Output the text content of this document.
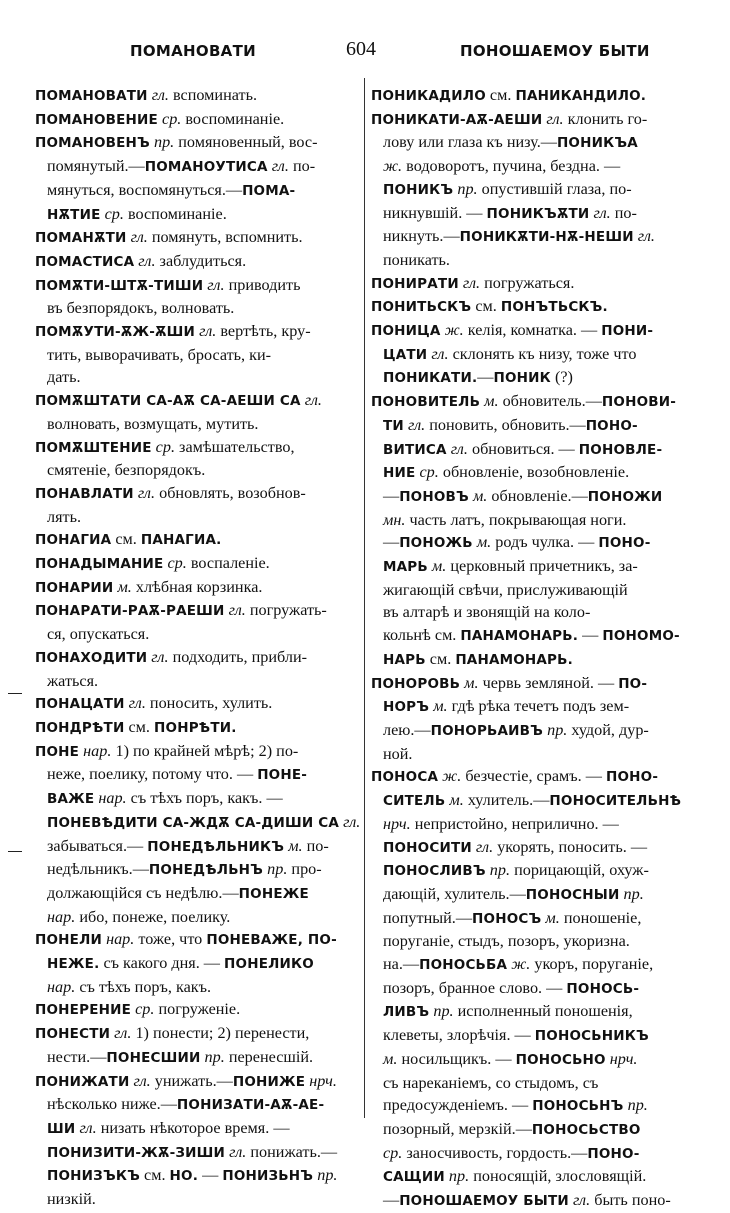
ПОМАНОВАТИ	604	ПОНОШАЕМОУ БЫТИ
ПОМАНОВАТИ гл. вспоминать.
ПОМАНОВЕНИЕ ср. воспоминаніе.
ПОМАНОВЕНЪ пр. помяновенный, вос-
помянутый.—ПОМАНОУТИСА гл. по-
мянуться, воспомянуться.—ПОМА-
НѪТИЕ ср. воспоминаніе.
ПОМАНѪТИ гл. помянуть, вспомнить.
ПОМАСТИСА гл. заблудиться.
ПОМѪТИ-ШТѪ-ТИШИ гл. приводить
въ безпорядокъ, волновать.
ПОМѪУТИ-ѪЖ-ѪШИ гл. вертѣть, кру-
тить, выворачивать, бросать, ки-
дать.
ПОМѪШТАТИ СА-АѪ СА-АЕШИ СА гл.
волновать, возмущать, мутить.
ПОМѪШТЕНИЕ ср. замѣшательство,
смятеніе, безпорядокъ.
ПОНАВЛАТИ гл. обновлять, возобнов-
лять.
ПОНАГИА см. ПАНАГИА.
ПОНАДЫМАНИЕ ср. воспаленіе.
ПОНАРИИ м. хлѣбная корзинка.
ПОНАРАТИ-РАѪ-РАЕШИ гл. погружать-
ся, опускаться.
ПОНАХОДИТИ гл. подходить, прибли-
жаться.
ПОНАЦАТИ гл. поносить, хулить.
ПОНДРѢТИ см. ПОНРѢТИ.
ПОНЕ нар. 1) по крайней мѣрѣ; 2) по-
неже, поелику, потому что. — ПОНЕ-
ВАЖЕ нар. съ тѣхъ поръ, какъ. —
ПОНЕВѢДИТИ СА-ЖДѪ СА-ДИШИ СА гл.
забываться.— ПОНЕДѢЛЬНИКЪ м. по-
недѣльникъ.—ПОНЕДѢЛЬНЪ пр. про-
должающійся съ недѣлю.—ПОНЕЖЕ
нар. ибо, понеже, поелику.
ПОНЕЛИ нар. тоже, что ПОНЕВАЖЕ, ПО-
НЕЖЕ. съ какого дня. — ПОНЕЛИКО
нар. съ тѣхъ поръ, какъ.
ПОНЕРЕНИЕ ср. погруженіе.
ПОНЕСТИ гл. 1) понести; 2) перенести,
нести.—ПОНЕСШИИ пр. перенесшій.
ПОНИЖАТИ гл. унижать.—ПОНИЖЕ нрч.
нѣсколько ниже.—ПОНИЗАТИ-АѪ-АЕ-
ШИ гл. низать нѣкоторое время. —
ПОНИЗИТИ-ЖѪ-ЗИШИ гл. понижать.—
ПОНИЗЪКЪ см. НО. — ПОНИЗЬНЪ пр.
низкій.
ПОНИКАДИЛО см. ПАНИКАНДИЛО.
ПОНИКАТИ-АѪ-АЕШИ гл. клонить го-
лову или глаза къ низу.—ПОНИКЪА
ж. водоворотъ, пучина, бездна. —
ПОНИКЪ пр. опустившій глаза, по-
никнувшій. — ПОНИКЪѪТИ гл. по-
никнуть.—ПОНИКѪТИ-НѪ-НЕШИ гл.
поникать.
ПОНИРАТИ гл. погружаться.
ПОНИТЬСКЪ см. ПОНЪТЬСКЪ.
ПОНИЦА ж. келія, комнатка. — ПОНИ-
ЦАТИ гл. склонять къ низу, тоже что
ПОНИКАТИ.—ПОНИК (?)
ПОНОВИТЕЛЬ м. обновитель.—ПОНОВИ-
ТИ гл. поновить, обновить.—ПОНО-
ВИТИСА гл. обновиться. — ПОНОВЛЕ-
НИЕ ср. обновленіе, возобновленіе.
—ПОНОВЪ м. обновленіе.—ПОНОЖИ
мн. часть латъ, покрывающая ноги.
—ПОНОЖЬ м. родъ чулка. — ПОНО-
МАРЬ м. церковный причетникъ, за-
жигающій свѣчи, прислуживающій
въ алтарѣ и звонящій на коло-
кольнѣ см. ПАНАМОНАРЬ. — ПОНОМО-
НАРЬ см. ПАНАМОНАРЬ.
ПОНОРОВЬ м. червь земляной. — ПО-
НОРЪ м. гдѣ рѣка течетъ подъ зем-
лею.—ПОНОРЬАИВЪ пр. худой, дур-
ной.
ПОНОСА ж. безчестіе, срамъ. — ПОНО-
СИТЕЛЬ м. хулитель.—ПОНОСИТЕЛЬНѢ
нрч. непристойно, неприлично. —
ПОНОСИТИ гл. укорять, поносить. —
ПОНОСЛИВЪ пр. порицающій, охуж-
дающій, хулитель.—ПОНОСНЫИ пр.
попутный.—ПОНОСЪ м. поношеніе,
поруганіе, стыдъ, позоръ, укоризна.
на.—ПОНОСЬБА ж. укоръ, поруганіе,
позоръ, бранное слово. — ПОНОСЬ-
ЛИВЪ пр. исполненный поношенія,
клеветы, злорѣчія. — ПОНОСЬНИКЪ
м. носильщикъ. — ПОНОСЬНО нрч.
съ нареканіемъ, со стыдомъ, съ
предосужденіемъ. — ПОНОСЬНЪ пр.
позорный, мерзкій.—ПОНОСЬСТВО
ср. заносчивость, гордость.—ПОНО-
САЩИИ пр. поносящій, злословящій.
—ПОНОШАЕМОУ БЫТИ гл. быть поно-
